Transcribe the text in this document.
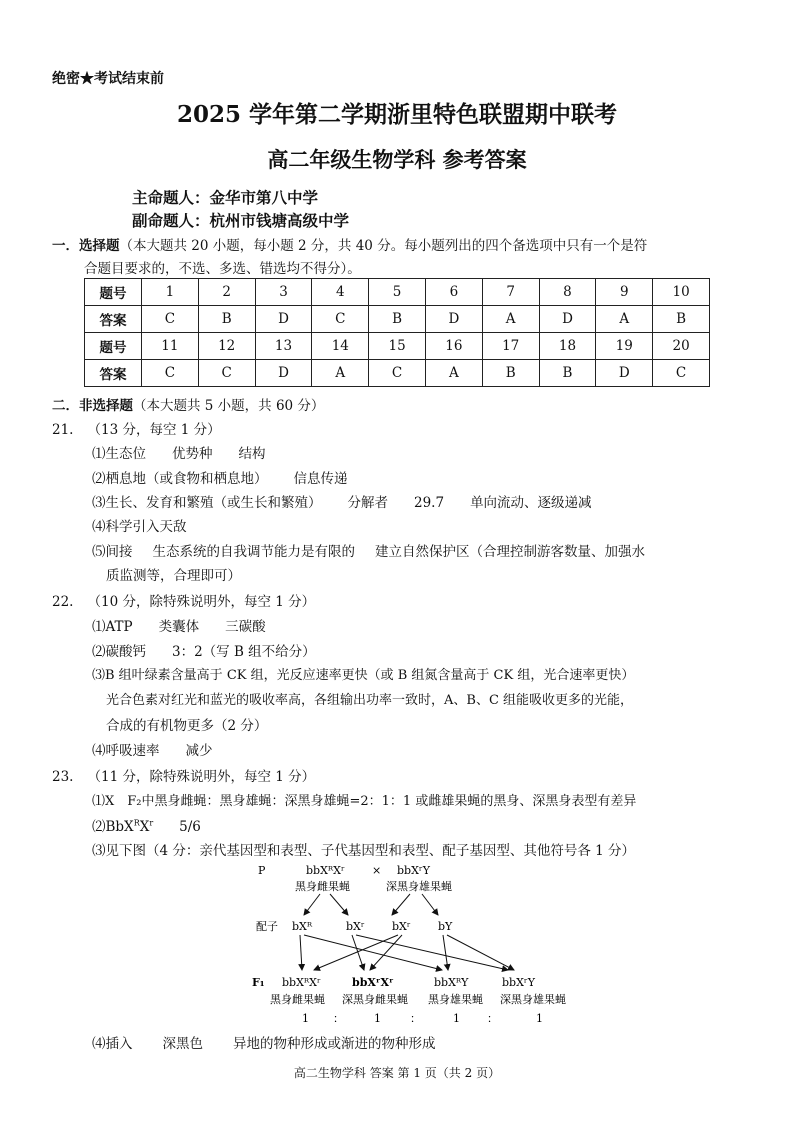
绝密★考试结束前
2025 学年第二学期浙里特色联盟期中联考
高二年级生物学科 参考答案
主命题人：金华市第八中学
副命题人：杭州市钱塘高级中学
一．选择题（本大题共 20 小题，每小题 2 分，共 40 分。每小题列出的四个备选项中只有一个是符
合题目要求的，不选、多选、错选均不得分）。
题号	1	2	3	4	5	6	7	8	9	10
答案	C	B	D	C	B	D	A	D	A	B
题号	11	12	13	14	15	16	17	18	19	20
答案	C	C	D	A	C	A	B	B	D	C
二．非选择题（本大题共 5 小题，共 60 分）
21. （13 分，每空 1 分）
⑴生态位 优势种 结构
⑵栖息地（或食物和栖息地） 信息传递
⑶生长、发育和繁殖（或生长和繁殖） 分解者 29.7 单向流动、逐级递减
⑷科学引入天敌
⑸间接 生态系统的自我调节能力是有限的 建立自然保护区（合理控制游客数量、加强水
质监测等，合理即可）
22. （10 分，除特殊说明外，每空 1 分）
⑴ATP 类囊体 三碳酸
⑵碳酸钙 3：2（写 B 组不给分）
⑶B 组叶绿素含量高于 CK 组，光反应速率更快（或 B 组氮含量高于 CK 组，光合速率更快）
光合色素对红光和蓝光的吸收率高，各组输出功率一致时，A、B、C 组能吸收更多的光能，
合成的有机物更多（2 分）
⑷呼吸速率 减少
23. （11 分，除特殊说明外，每空 1 分）
⑴X　F₂中黑身雌蝇：黑身雄蝇：深黑身雄蝇=2：1：1 或雌雄果蝇的黑身、深黑身表型有差异
$⑵BbX^RX^r$ 5/6
⑶见下图（4 分：亲代基因型和表型、子代基因型和表型、配子基因型、其他符号各 1 分）
P	bbXᴿXʳ × bbXʳY
黑身雌果蝇	深黑身雄果蝇
配子 bXᴿ	bXʳ bXʳ bY
F₁ bbXᴿXʳ	bbXʳXʳ	bbXᴿY	bbXʳY
黑身雌果蝇 深黑身雌果蝇 黑身雄果蝇 深黑身雄果蝇
1 ：	1	：	1 ：	1
⑷插入 深黑色 异地的物种形成或渐进的物种形成
高二生物学科 答案 第 1 页（共 2 页）
